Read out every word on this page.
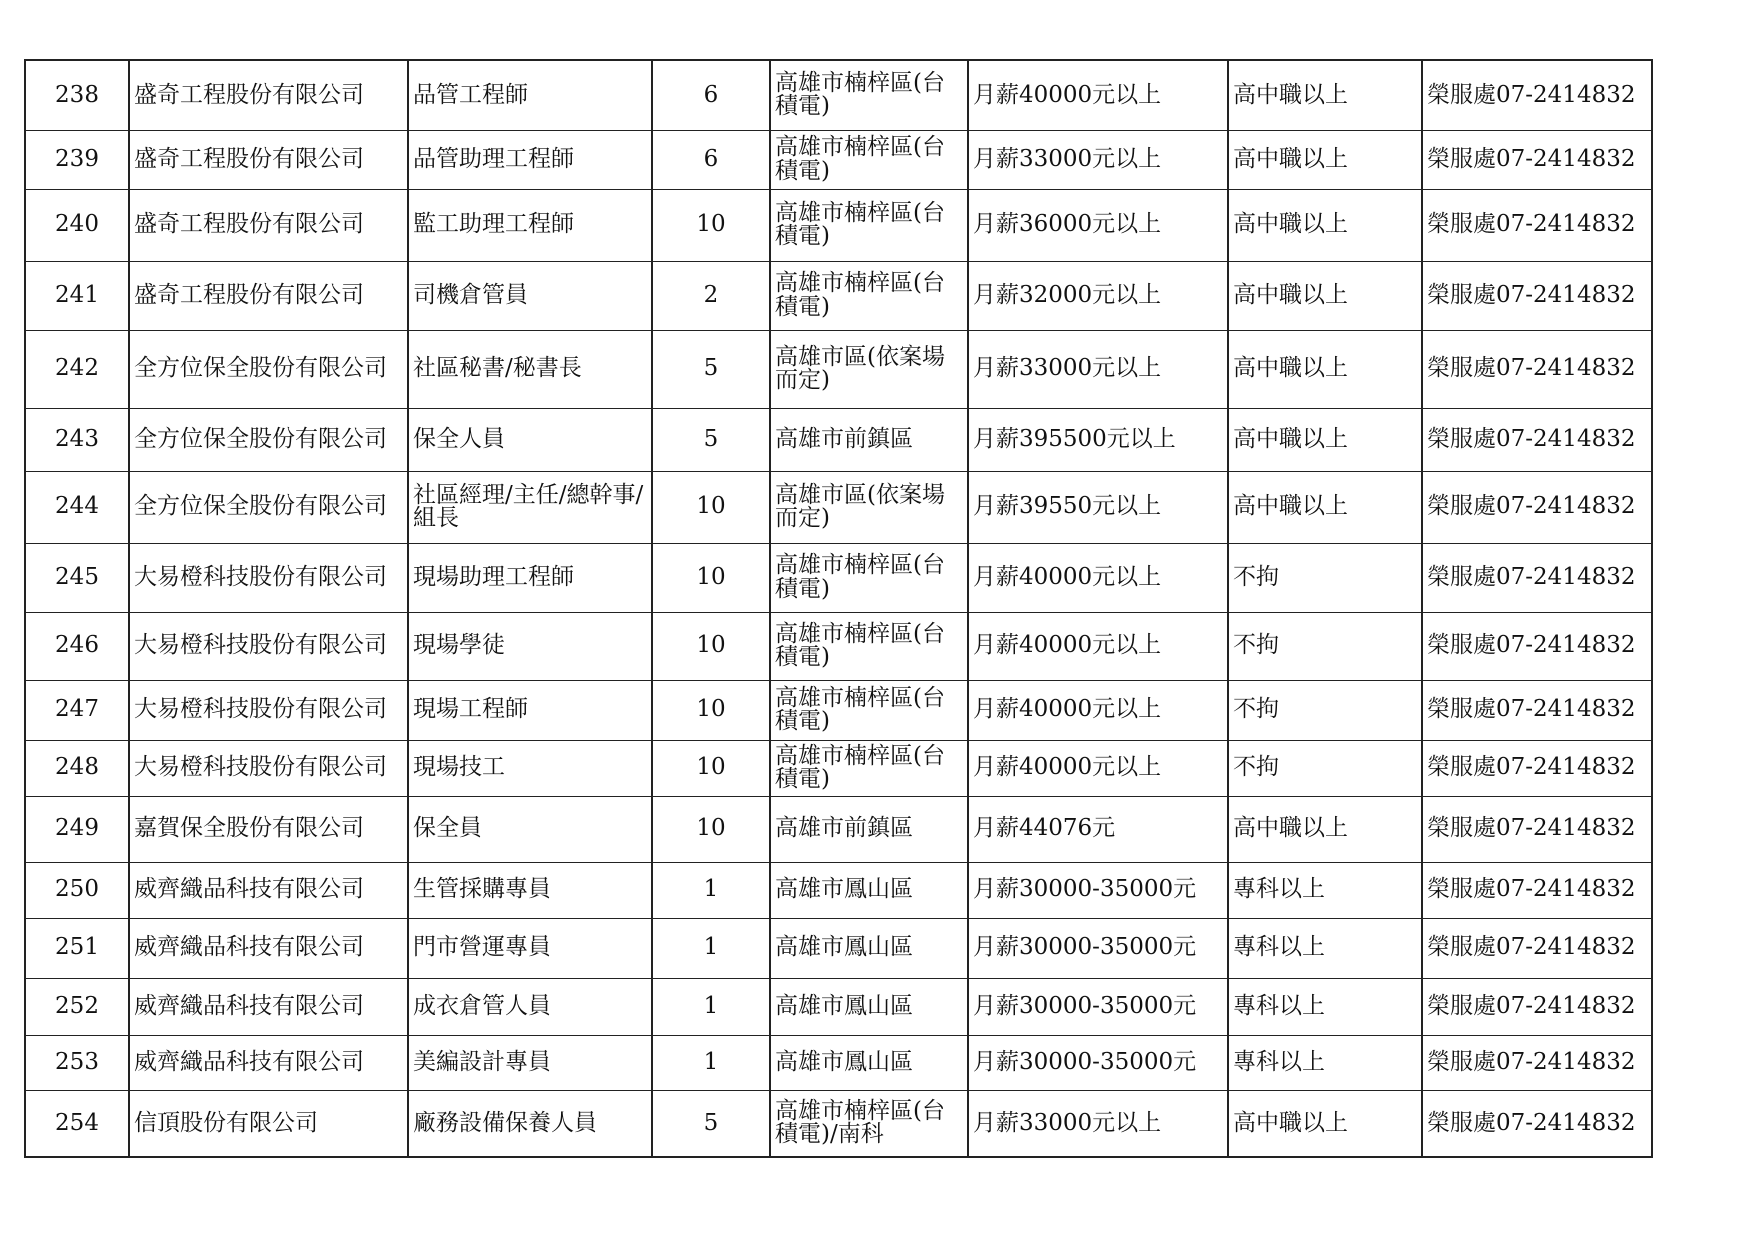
238	盛奇工程股份有限公司	品管工程師	6	高雄市楠梓區(台積電)	月薪40000元以上	高中職以上	榮服處07-2414832
239	盛奇工程股份有限公司	品管助理工程師	6	高雄市楠梓區(台積電)	月薪33000元以上	高中職以上	榮服處07-2414832
240	盛奇工程股份有限公司	監工助理工程師	10	高雄市楠梓區(台積電)	月薪36000元以上	高中職以上	榮服處07-2414832
241	盛奇工程股份有限公司	司機倉管員	2	高雄市楠梓區(台積電)	月薪32000元以上	高中職以上	榮服處07-2414832
242	全方位保全股份有限公司	社區秘書/秘書長	5	高雄市區(依案場而定)	月薪33000元以上	高中職以上	榮服處07-2414832
243	全方位保全股份有限公司	保全人員	5	高雄市前鎮區	月薪395500元以上	高中職以上	榮服處07-2414832
244	全方位保全股份有限公司	社區經理/主任/總幹事/組長	10	高雄市區(依案場而定)	月薪39550元以上	高中職以上	榮服處07-2414832
245	大易橙科技股份有限公司	現場助理工程師	10	高雄市楠梓區(台積電)	月薪40000元以上	不拘	榮服處07-2414832
246	大易橙科技股份有限公司	現場學徒	10	高雄市楠梓區(台積電)	月薪40000元以上	不拘	榮服處07-2414832
247	大易橙科技股份有限公司	現場工程師	10	高雄市楠梓區(台積電)	月薪40000元以上	不拘	榮服處07-2414832
248	大易橙科技股份有限公司	現場技工	10	高雄市楠梓區(台積電)	月薪40000元以上	不拘	榮服處07-2414832
249	嘉賀保全股份有限公司	保全員	10	高雄市前鎮區	月薪44076元	高中職以上	榮服處07-2414832
250	威齊織品科技有限公司	生管採購專員	1	高雄市鳳山區	月薪30000-35000元	專科以上	榮服處07-2414832
251	威齊織品科技有限公司	門市營運專員	1	高雄市鳳山區	月薪30000-35000元	專科以上	榮服處07-2414832
252	威齊織品科技有限公司	成衣倉管人員	1	高雄市鳳山區	月薪30000-35000元	專科以上	榮服處07-2414832
253	威齊織品科技有限公司	美編設計專員	1	高雄市鳳山區	月薪30000-35000元	專科以上	榮服處07-2414832
254	信頂股份有限公司	廠務設備保養人員	5	高雄市楠梓區(台積電)/南科	月薪33000元以上	高中職以上	榮服處07-2414832
